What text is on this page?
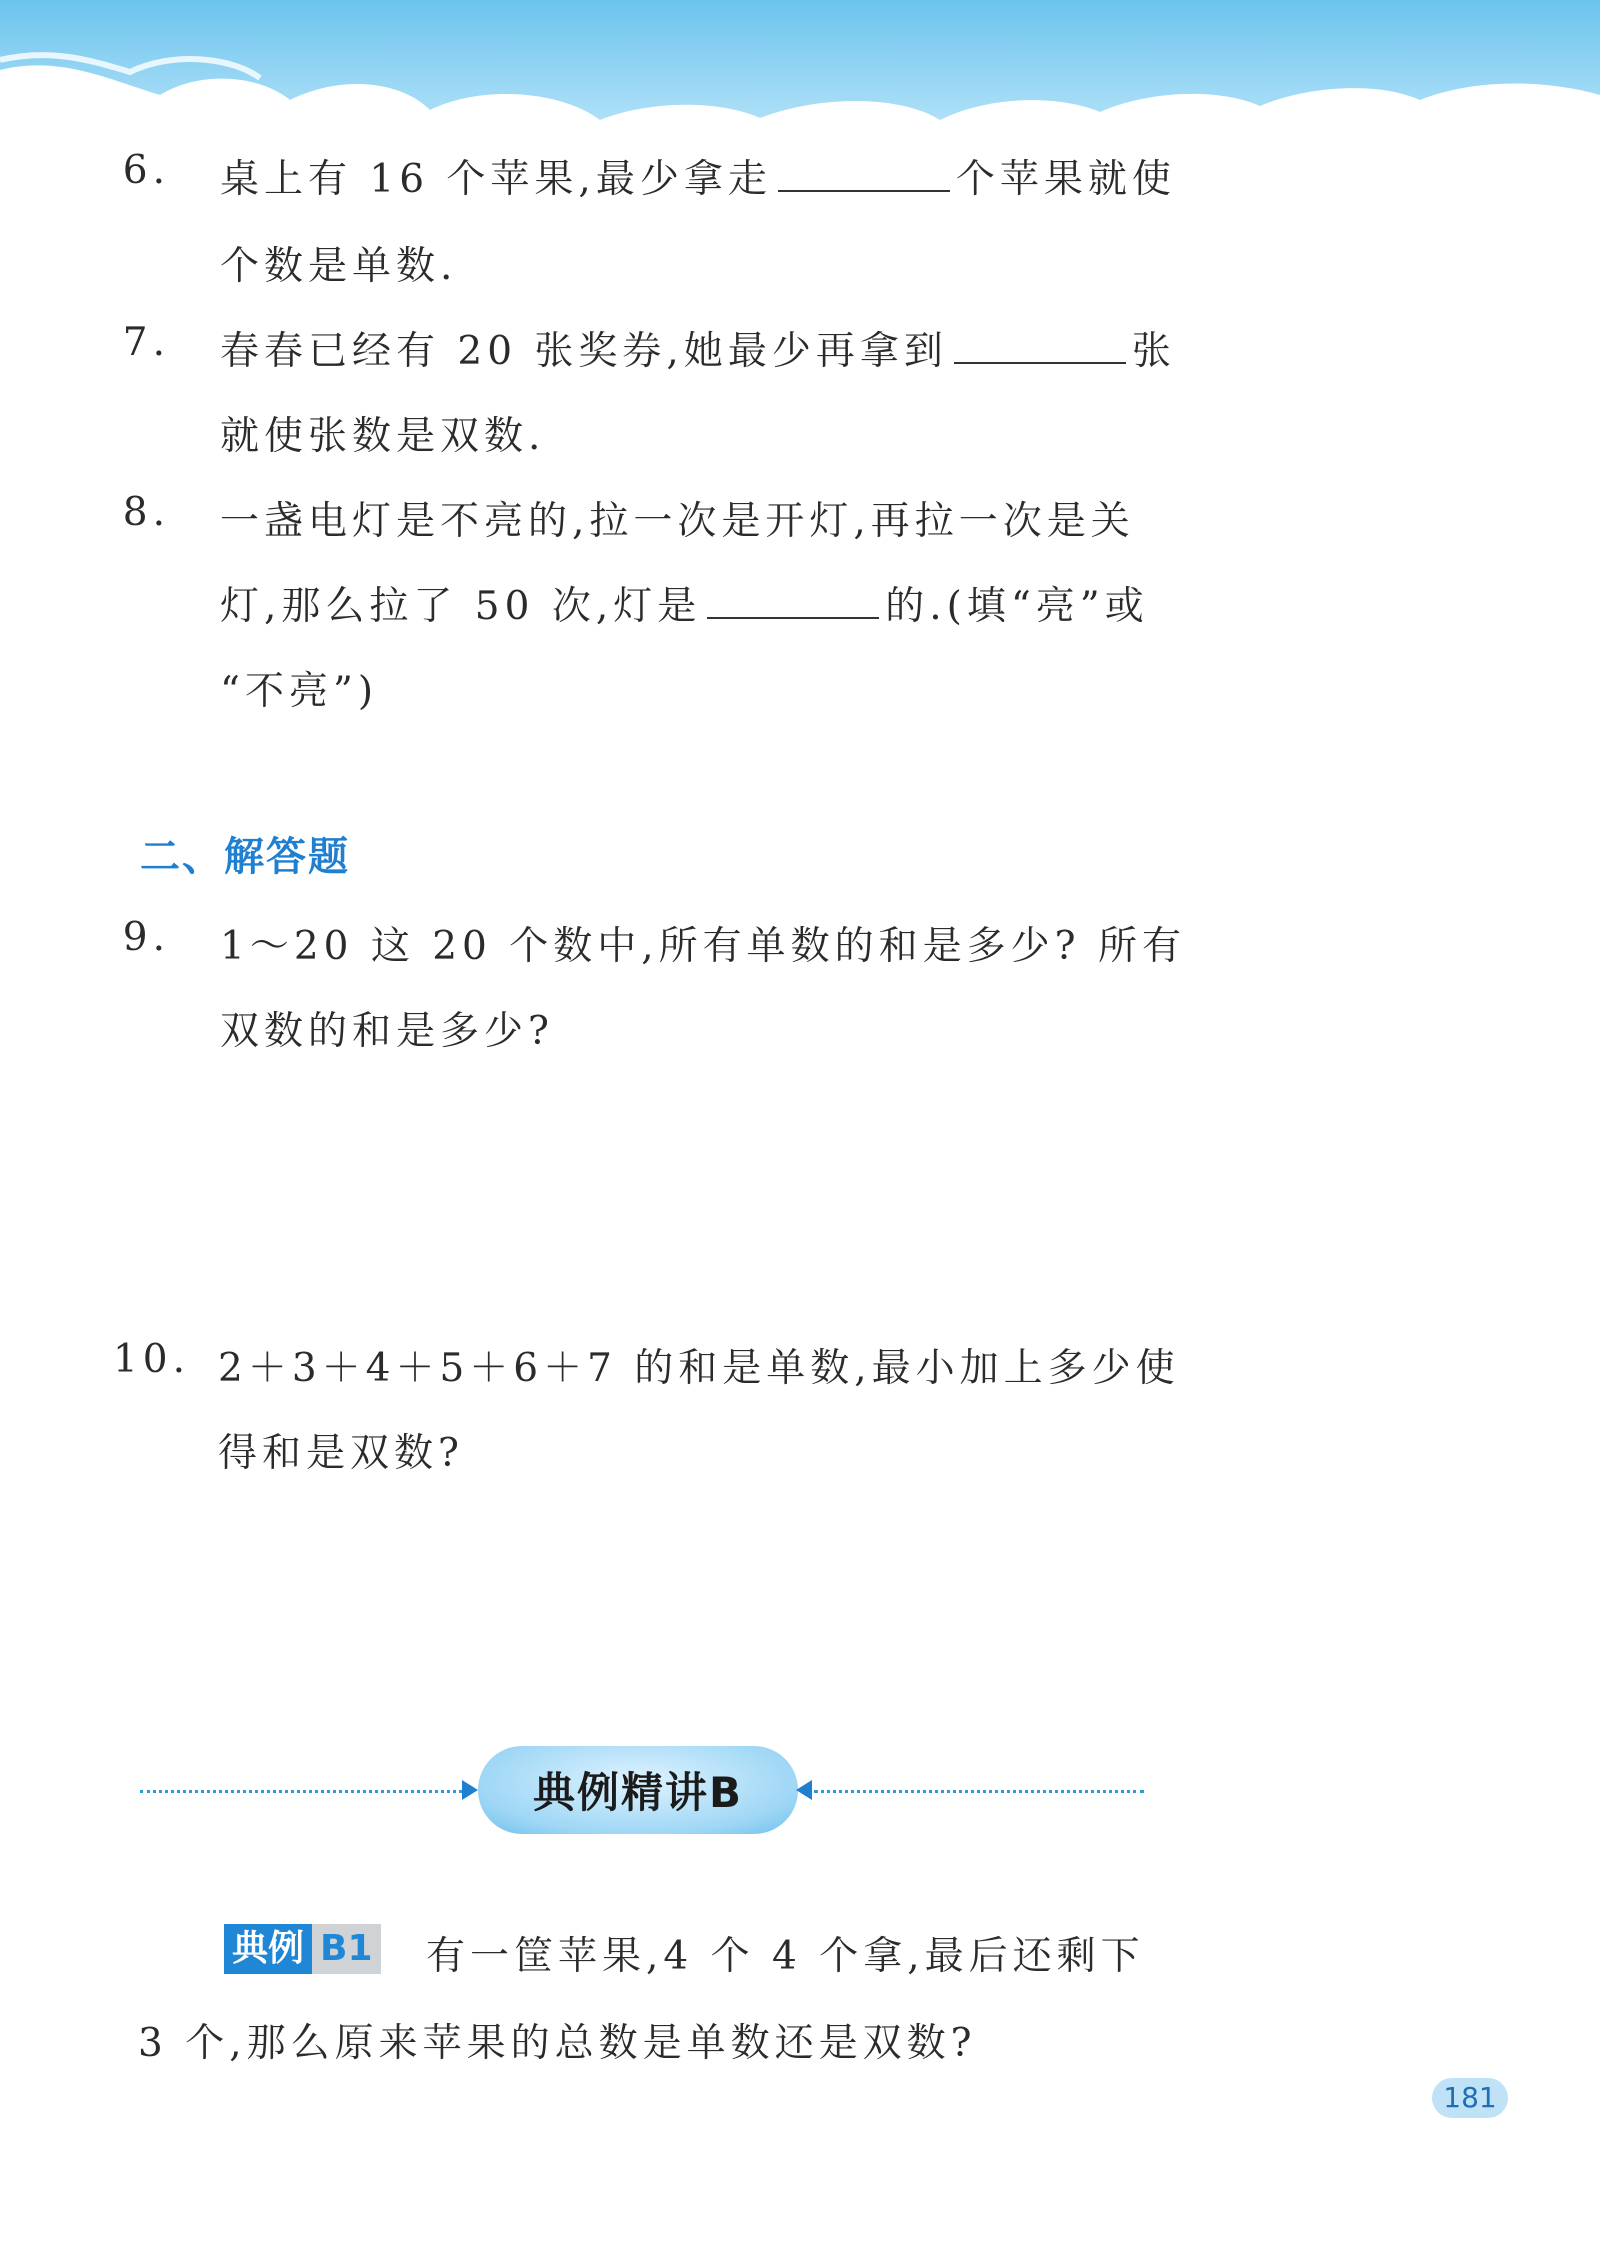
6. 桌上有 16 个苹果,最少拿走	个苹果就使
个数是单数.
7. 春春已经有 20 张奖券,她最少再拿到	张
就使张数是双数.
8. 一盏电灯是不亮的,拉一次是开灯,再拉一次是关
灯,那么拉了 50 次,灯是	的.(填“亮”或
“不亮”)
二、解答题
9. 1～20 这 20 个数中,所有单数的和是多少? 所有
双数的和是多少?
10. 2＋3＋4＋5＋6＋7 的和是单数,最小加上多少使
得和是双数?
典例精讲B
典例 B1 有一筐苹果,4 个 4 个拿,最后还剩下
3 个,那么原来苹果的总数是单数还是双数?
181
